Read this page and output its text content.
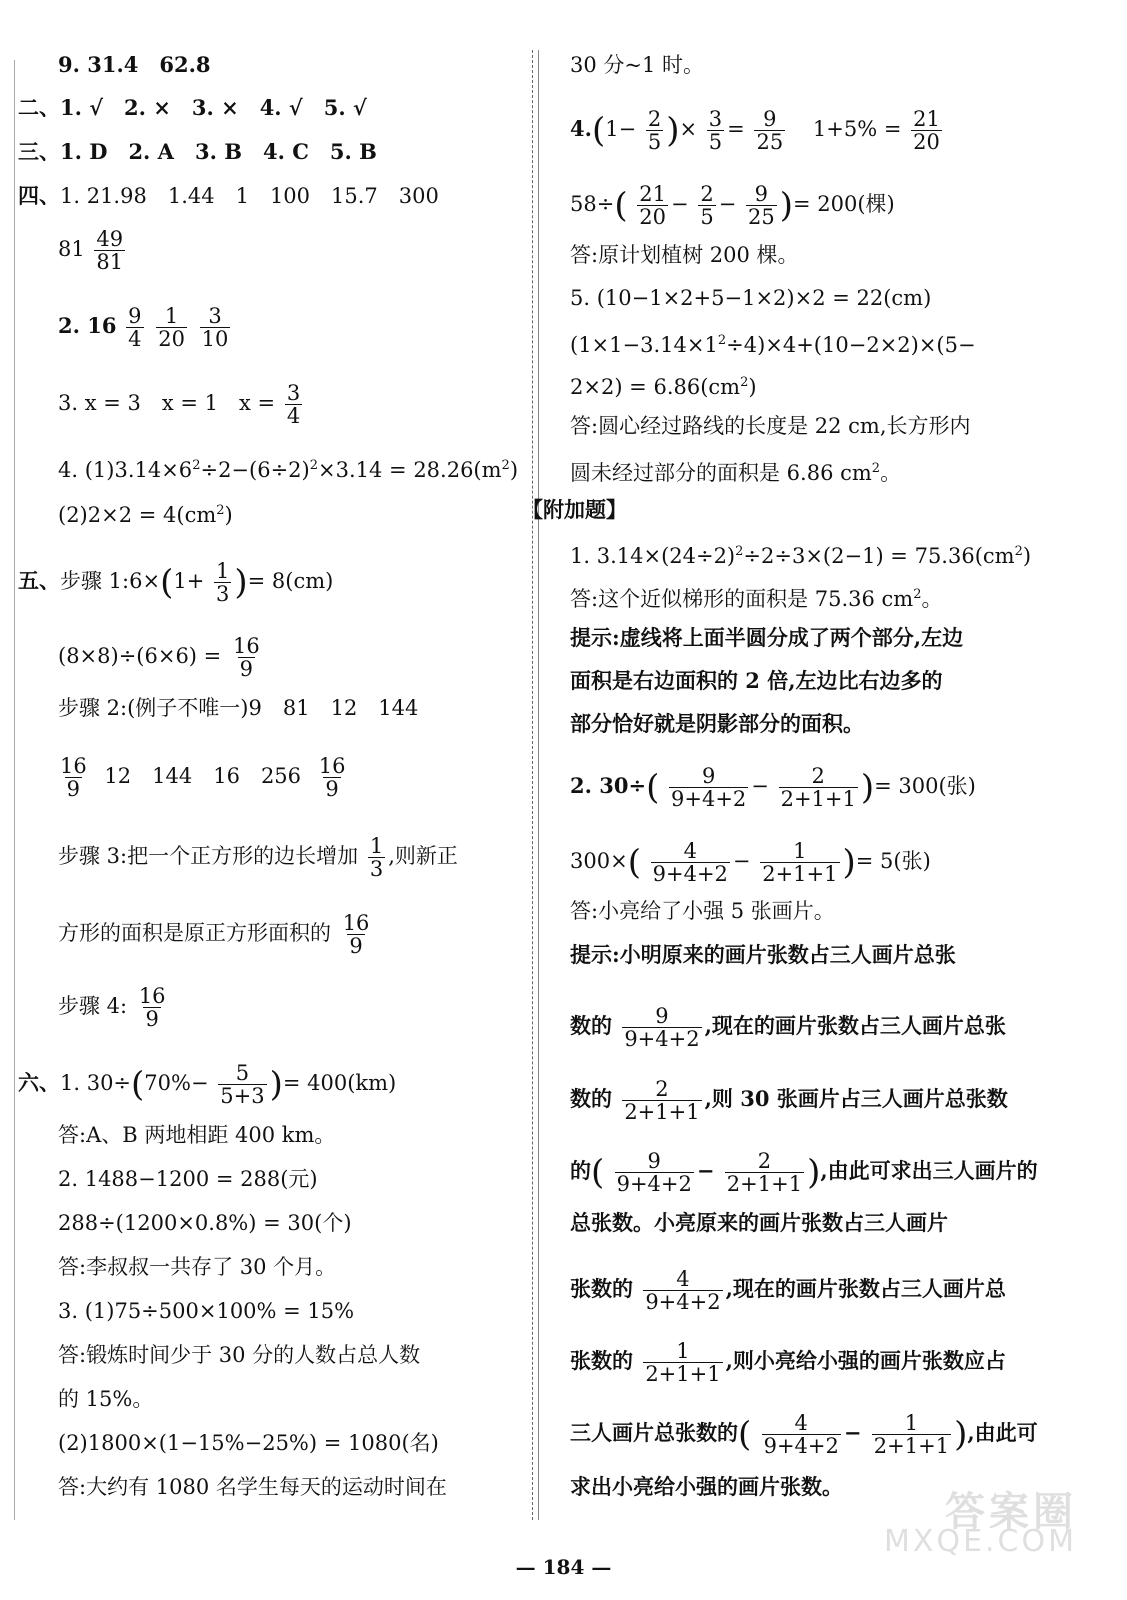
9. 31.4　62.8
二、1. √　2. ×　3. ×　4. √　5. √
三、1. D　2. A　3. B　4. C　5. B
四、1. 21.98　1.44　1　100　15.7　300
$81 \frac{49}{81}$
2. $16 \frac{9}{4}$
$\frac{1}{20}$
$\frac{3}{10}$
3. x = 3　x = 1　$x = \frac{3}{4}$
4. $(1)3.14\times 6^2\div 2-(6\div 2)^2\times 3.14 = 28.26(m^2)$
$(2)2\times 2 = 4(cm^2)$
五、步骤 1:6×(1+ $\frac{1}{3}$ )= 8(cm)
$(8\times 8)\div(6\times 6) = \frac{16}{9}$
步骤 2:(例子不唯一)9　81　12　144
$\frac{16}{9} 12$　144　16　$256 \frac{16}{9}$
步骤 3:把一个正方形的边长增加 $\frac{1}{3}$ ,则新正
方形的面积是原正方形面积的 $\frac{16}{9}$
步骤 4: $\frac{16}{9}$
六、1. $30\div(70\%- \frac{5}{5+3}$ )= 400(km)
答:A、B 两地相距 400 km。
2. 1488−1200 = 288(元)
288÷(1200×0.8%) = 30(个)
答:李叔叔一共存了 30 个月。
3. (1)75÷500×100% = 15%
答:锻炼时间少于 30 分的人数占总人数
的 15%。
(2)1800×(1−15%−25%) = 1080(名)
答:大约有 1080 名学生每天的运动时间在
30 分~1 时。
$4.(1- \frac{2}{5}$ )× $\frac{3}{5} = \frac{9}{25} 1+5\% = \frac{21}{20}$
$58\div( \frac{21}{20} - \frac{2}{5} - \frac{9}{25}$ )= 200(棵)
答:原计划植树 200 棵。
5. (10−1×2+5−1×2)×2 = 22(cm)
$(1\times 1-3.14\times 1^2\div 4)\times 4+(10-2\times 2)\times(5-$
$2\times 2) = 6.86(cm^2)$
答:圆心经过路线的长度是 22 cm,长方形内
圆未经过部分的面积是 6.86 $cm^2$。
【附加题】
1. $3.14\times(24\div 2)^2\div 2\div 3\times(2-1) = 75.36(cm^2)$
答:这个近似梯形的面积是 75.36 $cm^2$。
提示:虚线将上面半圆分成了两个部分,左边
面积是右边面积的 2 倍,左边比右边多的
部分恰好就是阴影部分的面积。
2. $30\div( \frac{9}{9+4+2} - \frac{2}{2+1+1}$ )= 300(张)
$300\times( \frac{4}{9+4+2} - \frac{1}{2+1+1}$ )= 5(张)
答:小亮给了小强 5 张画片。
提示:小明原来的画片张数占三人画片总张
数的 $\frac{9}{9+4+2}$ ,现在的画片张数占三人画片总张
数的 $\frac{2}{2+1+1}$ ,则 30 张画片占三人画片总张数
的( $\frac{9}{9+4+2} - \frac{2}{2+1+1}$ ),由此可求出三人画片的
总张数。小亮原来的画片张数占三人画片
张数的 $\frac{4}{9+4+2}$ ,现在的画片张数占三人画片总
张数的 $\frac{1}{2+1+1}$ ,则小亮给小强的画片张数应占
三人画片总张数的( $\frac{4}{9+4+2} - \frac{1}{2+1+1}$ ),由此可
求出小亮给小强的画片张数。
— 184 —
答案圈
MXQE.COM
